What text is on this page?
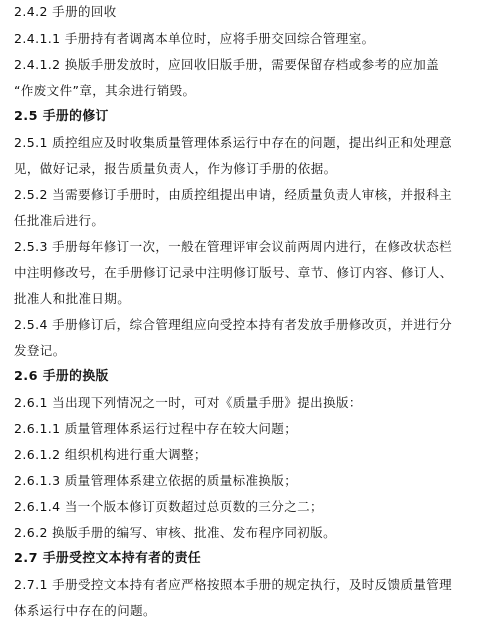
2.4.2 手册的回收
2.4.1.1 手册持有者调离本单位时，应将手册交回综合管理室。
2.4.1.2 换版手册发放时，应回收旧版手册，需要保留存档或参考的应加盖
“作废文件”章，其余进行销毁。
2.5 手册的修订
2.5.1 质控组应及时收集质量管理体系运行中存在的问题，提出纠正和处理意
见，做好记录，报告质量负责人，作为修订手册的依据。
2.5.2 当需要修订手册时，由质控组提出申请，经质量负责人审核，并报科主
任批准后进行。
2.5.3 手册每年修订一次，一般在管理评审会议前两周内进行，在修改状态栏
中注明修改号，在手册修订记录中注明修订版号、章节、修订内容、修订人、
批准人和批准日期。
2.5.4 手册修订后，综合管理组应向受控本持有者发放手册修改页，并进行分
发登记。
2.6 手册的换版
2.6.1 当出现下列情况之一时，可对《质量手册》提出换版：
2.6.1.1 质量管理体系运行过程中存在较大问题；
2.6.1.2 组织机构进行重大调整；
2.6.1.3 质量管理体系建立依据的质量标准换版；
2.6.1.4 当一个版本修订页数超过总页数的三分之二；
2.6.2 换版手册的编写、审核、批准、发布程序同初版。
2.7 手册受控文本持有者的责任
2.7.1 手册受控文本持有者应严格按照本手册的规定执行，及时反馈质量管理
体系运行中存在的问题。
